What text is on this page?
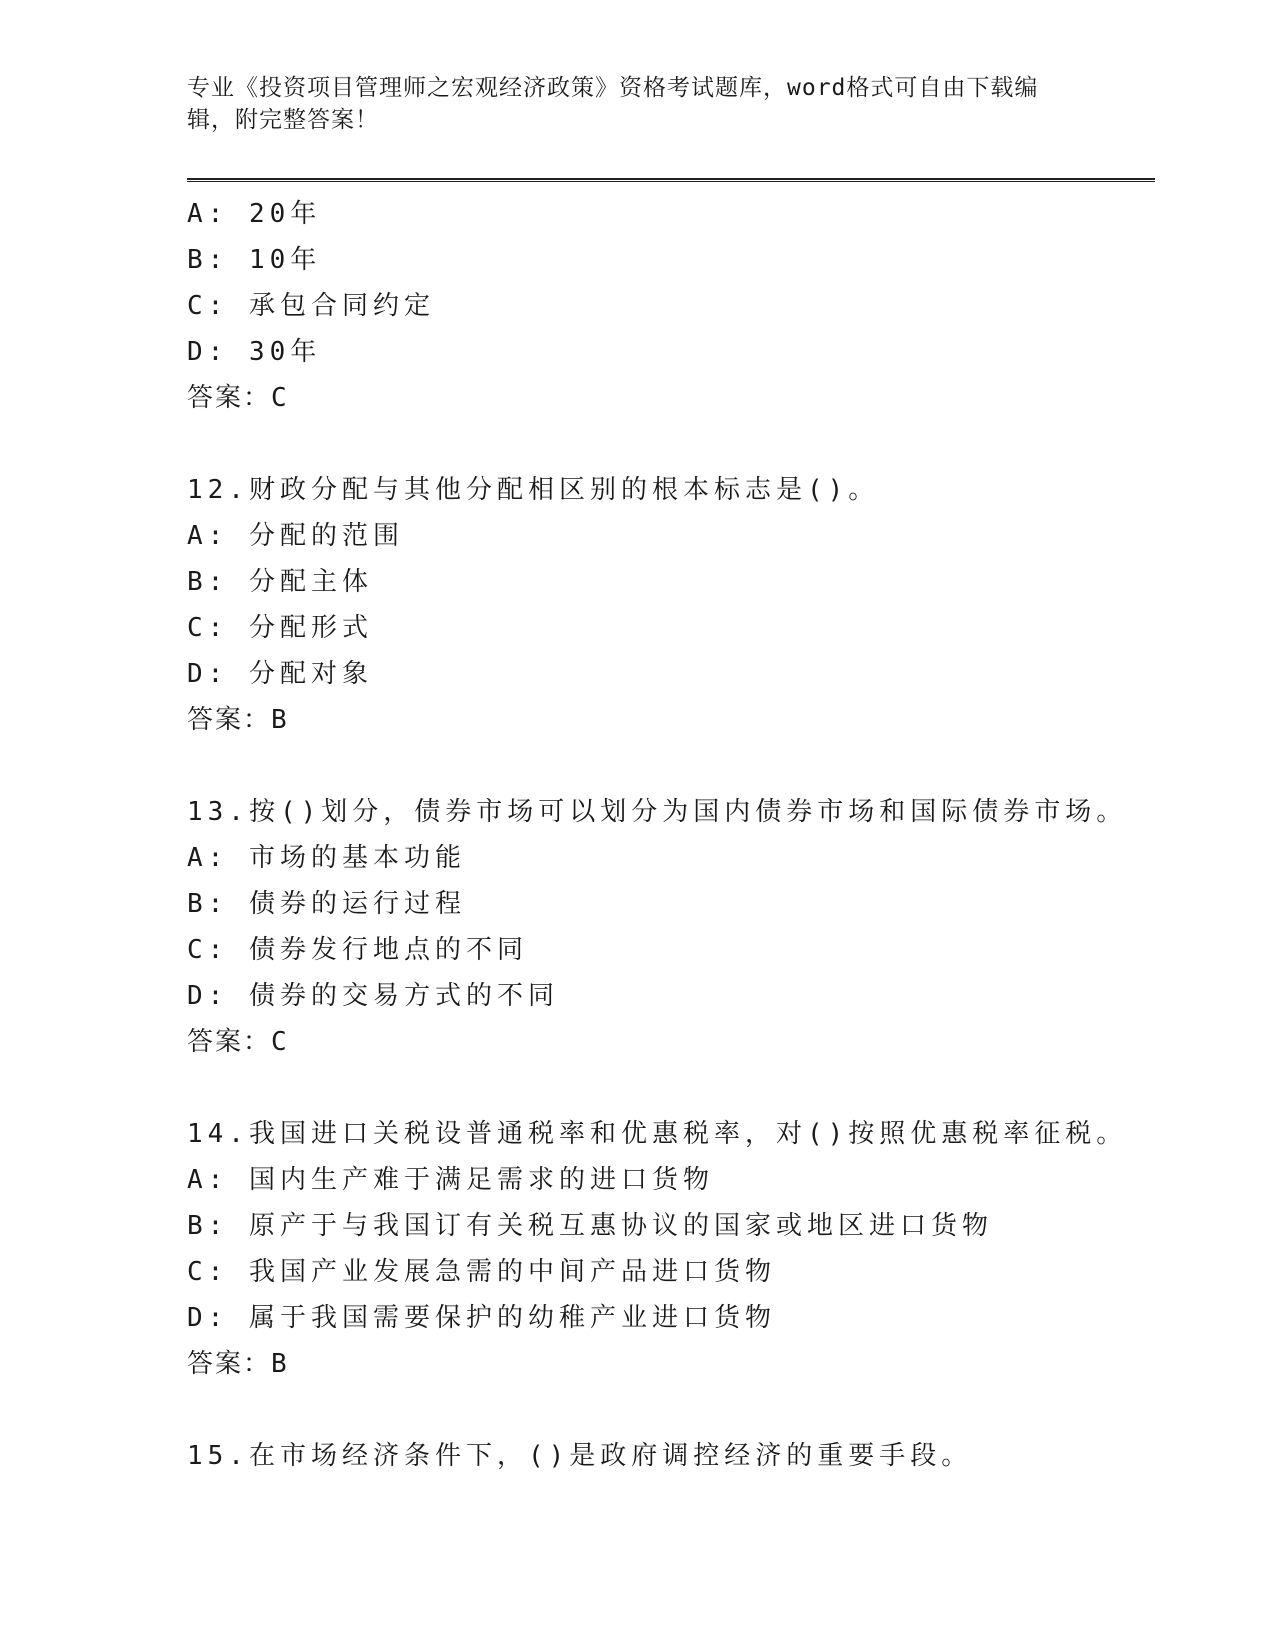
专业《投资项目管理师之宏观经济政策》资格考试题库，word格式可自由下载编
辑，附完整答案！
A: 20年
B: 10年
C: 承包合同约定
D: 30年
答案：C
12.财政分配与其他分配相区别的根本标志是()。
A: 分配的范围
B: 分配主体
C: 分配形式
D: 分配对象
答案：B
13.按()划分，债券市场可以划分为国内债券市场和国际债券市场。
A: 市场的基本功能
B: 债券的运行过程
C: 债券发行地点的不同
D: 债券的交易方式的不同
答案：C
14.我国进口关税设普通税率和优惠税率，对()按照优惠税率征税。
A: 国内生产难于满足需求的进口货物
B: 原产于与我国订有关税互惠协议的国家或地区进口货物
C: 我国产业发展急需的中间产品进口货物
D: 属于我国需要保护的幼稚产业进口货物
答案：B
15.在市场经济条件下，()是政府调控经济的重要手段。
